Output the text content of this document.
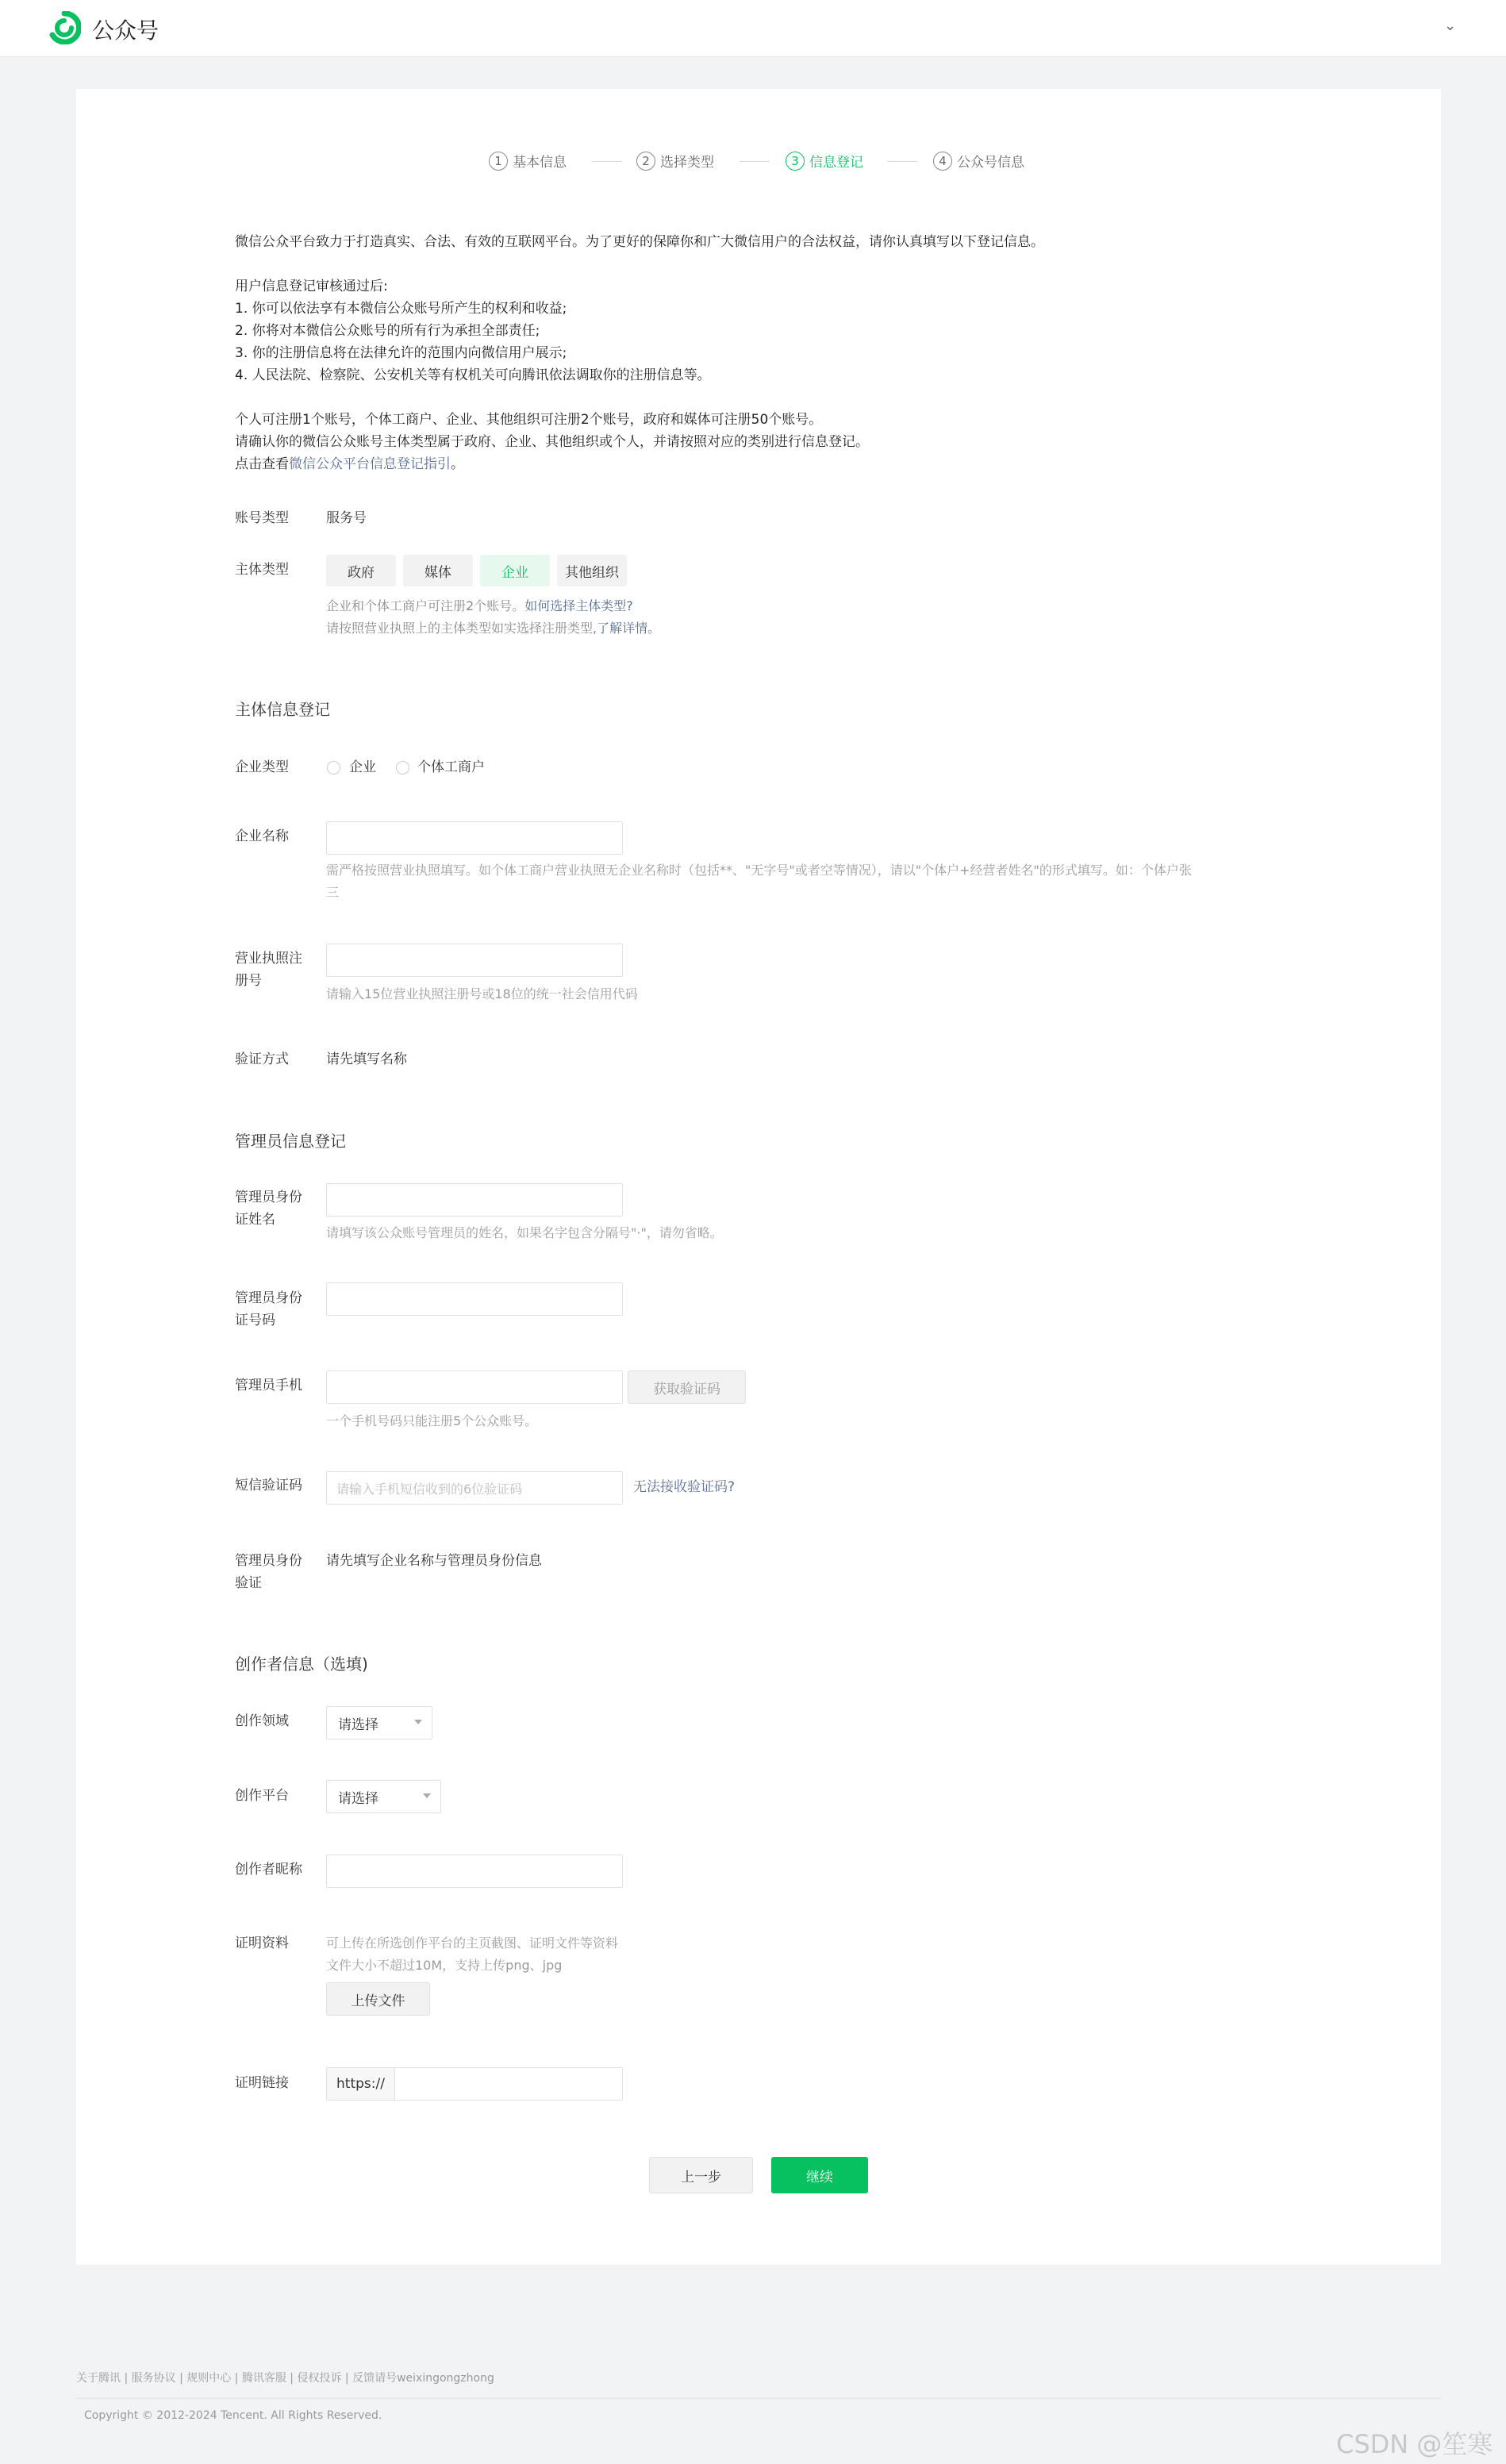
公众号	⌄
1 基本信息	2 选择类型	3 信息登记	4 公众号信息
微信公众平台致力于打造真实、合法、有效的互联网平台。为了更好的保障你和广大微信用户的合法权益，请你认真填写以下登记信息。
用户信息登记审核通过后:
1. 你可以依法享有本微信公众账号所产生的权利和收益;
2. 你将对本微信公众账号的所有行为承担全部责任;
3. 你的注册信息将在法律允许的范围内向微信用户展示;
4. 人民法院、检察院、公安机关等有权机关可向腾讯依法调取你的注册信息等。
个人可注册1个账号，个体工商户、企业、其他组织可注册2个账号，政府和媒体可注册50个账号。
请确认你的微信公众账号主体类型属于政府、企业、其他组织或个人，并请按照对应的类别进行信息登记。
点击查看微信公众平台信息登记指引。
账号类型	服务号
主体类型	政府	媒体	企业	其他组织
企业和个体工商户可注册2个账号。如何选择主体类型?
请按照营业执照上的主体类型如实选择注册类型,了解详情。
主体信息登记
企业类型	企业	个体工商户
企业名称
需严格按照营业执照填写。如个体工商户营业执照无企业名称时（包括**、"无字号"或者空等情况），请以"个体户+经营者姓名"的形式填写。如：个体户张
三
营业执照注
册号
请输入15位营业执照注册号或18位的统一社会信用代码
验证方式	请先填写名称
管理员信息登记
管理员身份
证姓名
请填写该公众账号管理员的姓名，如果名字包含分隔号"·"，请勿省略。
管理员身份
证号码
管理员手机	获取验证码
一个手机号码只能注册5个公众账号。
短信验证码	请输入手机短信收到的6位验证码	无法接收验证码?
管理员身份
验证
请先填写企业名称与管理员身份信息
创作者信息（选填)
创作领域	请选择
创作平台	请选择
创作者昵称
证明资料	可上传在所选创作平台的主页截图、证明文件等资料
文件大小不超过10M，支持上传png、jpg
上传文件
证明链接	https://
上一步	继续
关于腾讯 | 服务协议 | 规则中心 | 腾讯客服 | 侵权投诉 | 反馈请号weixingongzhong
Copyright © 2012-2024 Tencent. All Rights Reserved.
CSDN @笙寒
